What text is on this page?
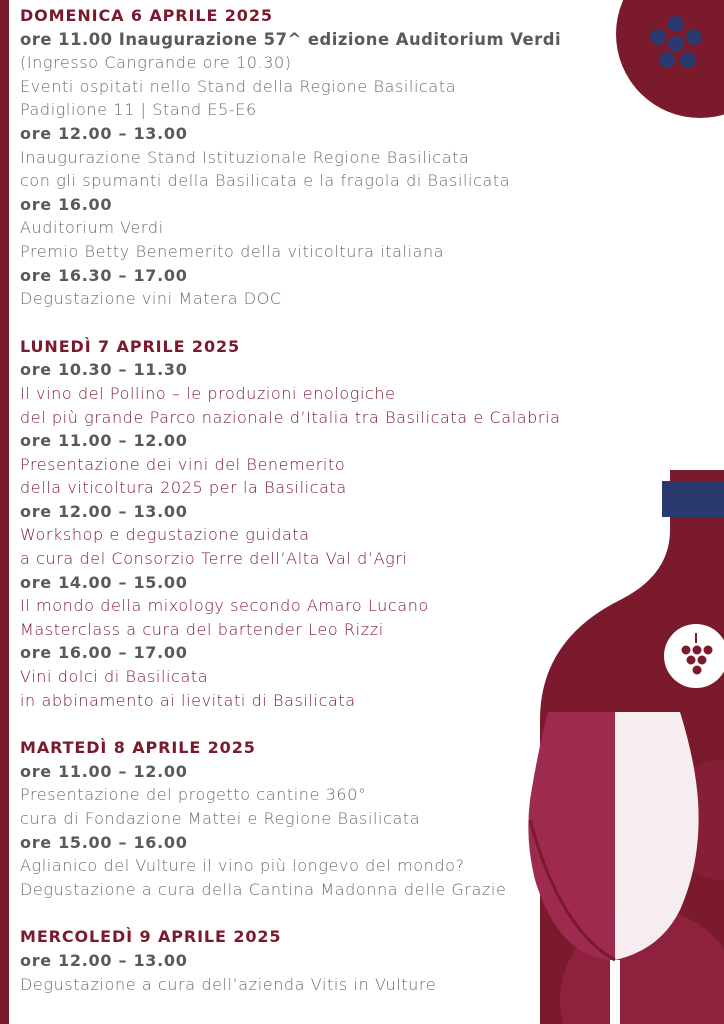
DOMENICA 6 APRILE 2025
ore 11.00 Inaugurazione 57^ edizione Auditorium Verdi
(Ingresso Cangrande ore 10.30)
Eventi ospitati nello Stand della Regione Basilicata
Padiglione 11 | Stand E5-E6
ore 12.00 – 13.00
Inaugurazione Stand Istituzionale Regione Basilicata
con gli spumanti della Basilicata e la fragola di Basilicata
ore 16.00
Auditorium Verdi
Premio Betty Benemerito della viticoltura italiana
ore 16.30 – 17.00
Degustazione vini Matera DOC
LUNEDÌ 7 APRILE 2025
ore 10.30 – 11.30
Il vino del Pollino – le produzioni enologiche
del più grande Parco nazionale d’Italia tra Basilicata e Calabria
ore 11.00 – 12.00
Presentazione dei vini del Benemerito
della viticoltura 2025 per la Basilicata
ore 12.00 – 13.00
Workshop e degustazione guidata
a cura del Consorzio Terre dell’Alta Val d’Agri
ore 14.00 – 15.00
Il mondo della mixology secondo Amaro Lucano
Masterclass a cura del bartender Leo Rizzi
ore 16.00 – 17.00
Vini dolci di Basilicata
in abbinamento ai lievitati di Basilicata
MARTEDÌ 8 APRILE 2025
ore 11.00 – 12.00
Presentazione del progetto cantine 360°
cura di Fondazione Mattei e Regione Basilicata
ore 15.00 – 16.00
Aglianico del Vulture il vino più longevo del mondo?
Degustazione a cura della Cantina Madonna delle Grazie
MERCOLEDÌ 9 APRILE 2025
ore 12.00 – 13.00
Degustazione a cura dell’azienda Vitis in Vulture
